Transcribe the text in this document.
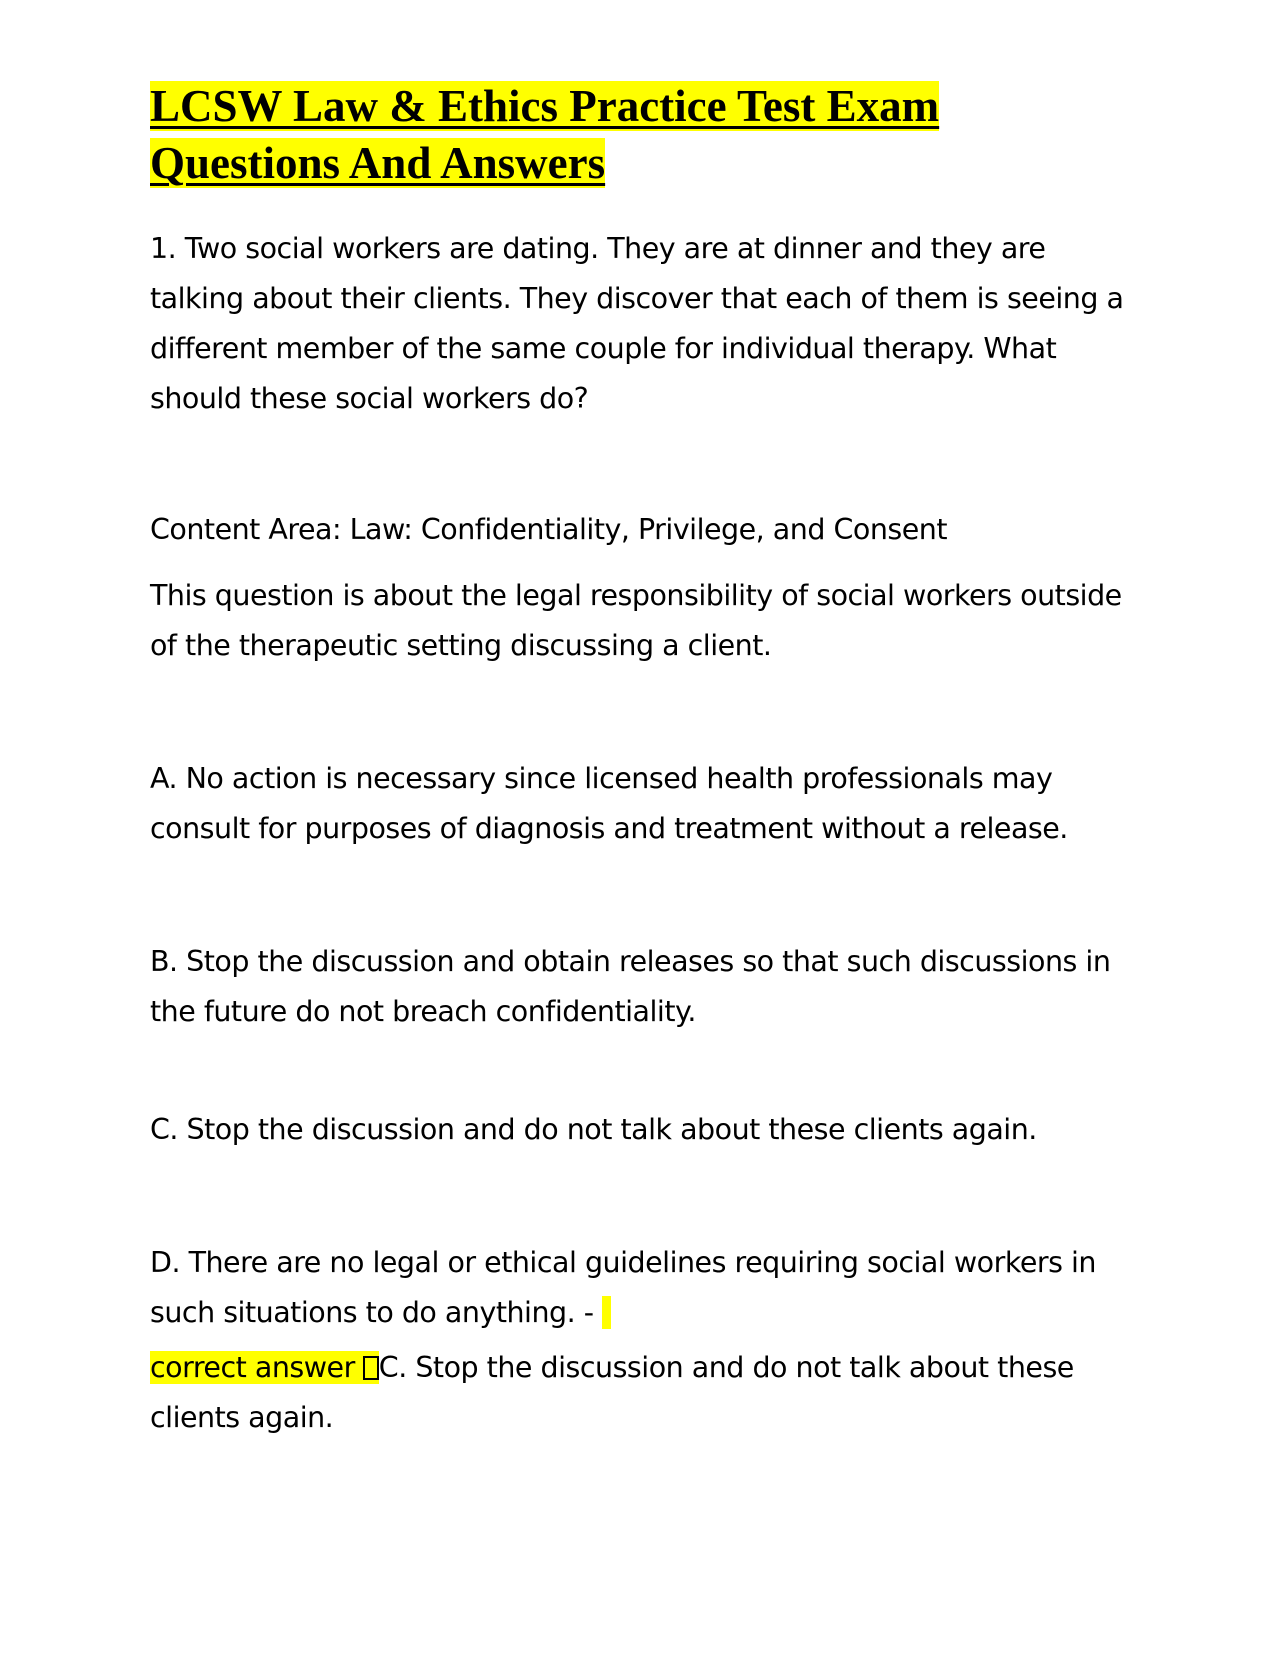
LCSW Law & Ethics Practice Test Exam
Questions And Answers

1. Two social workers are dating. They are at dinner and they are talking about their clients. They discover that each of them is seeing a different member of the same couple for individual therapy. What should these social workers do?

Content Area: Law: Confidentiality, Privilege, and Consent

This question is about the legal responsibility of social workers outside of the therapeutic setting discussing a client.

A. No action is necessary since licensed health professionals may consult for purposes of diagnosis and treatment without a release.

B. Stop the discussion and obtain releases so that such discussions in the future do not breach confidentiality.

C. Stop the discussion and do not talk about these clients again.

D. There are no legal or ethical guidelines requiring social workers in such situations to do anything. -

correct answer C. Stop the discussion and do not talk about these clients again.
